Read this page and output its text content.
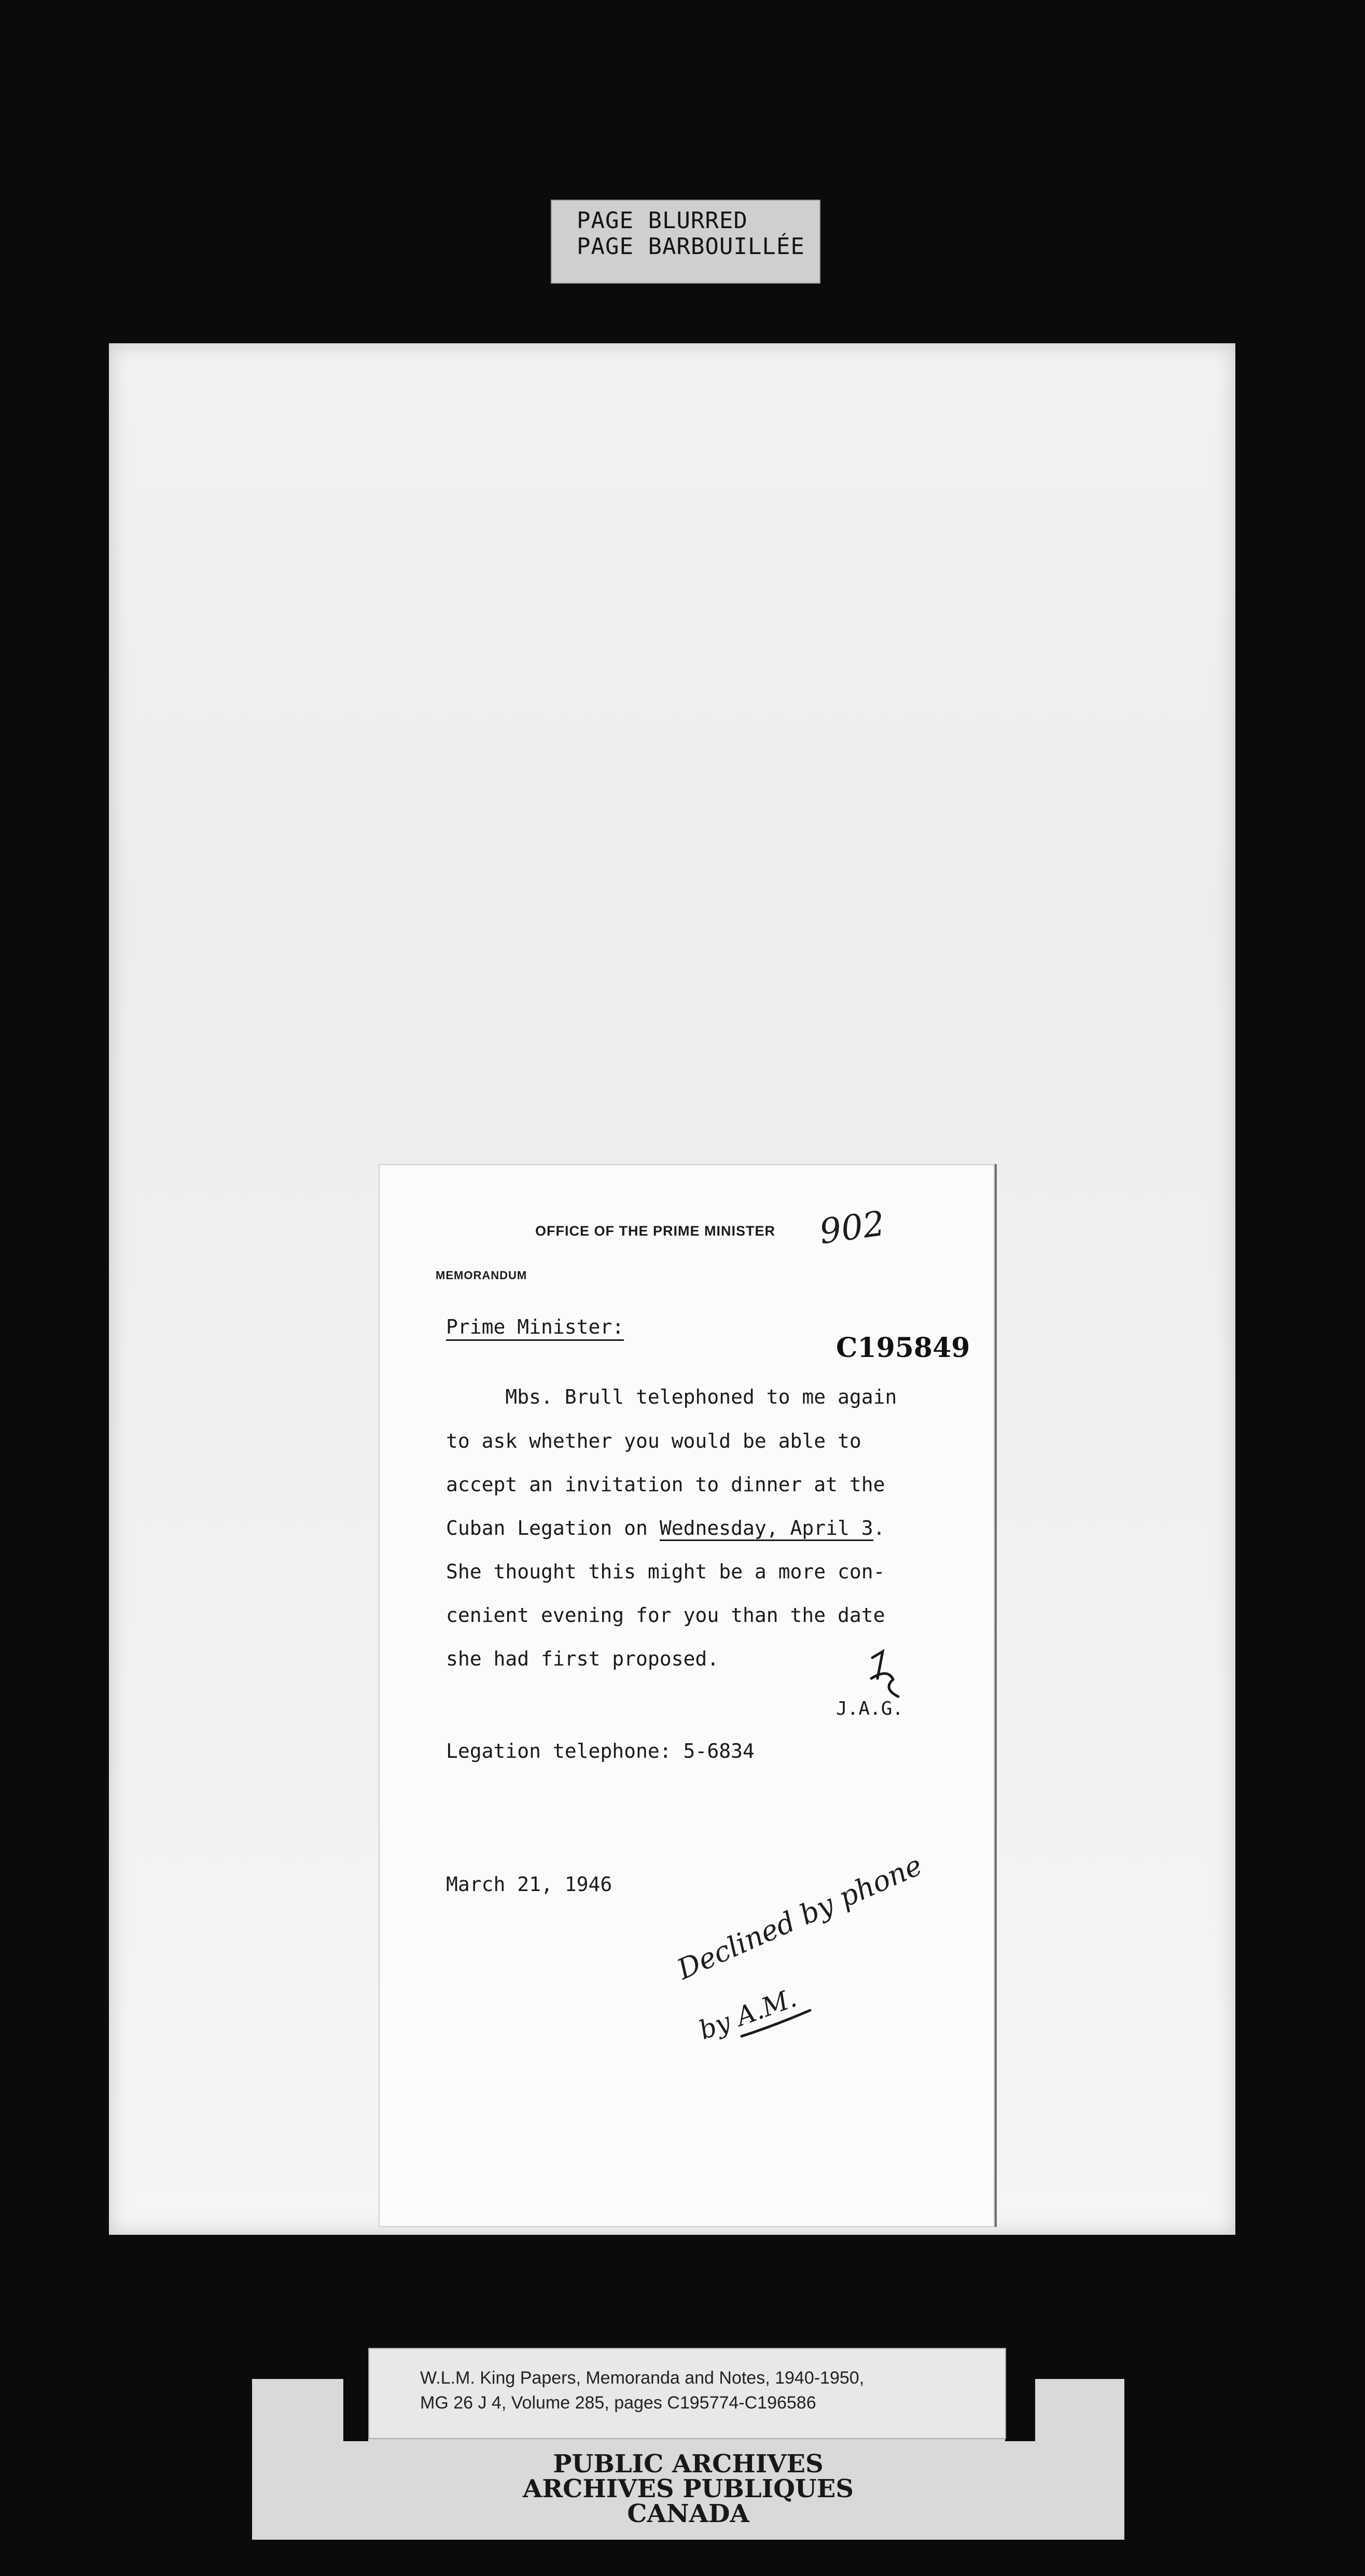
PAGE BLURRED
PAGE BARBOUILLÉE
OFFICE OF THE PRIME MINISTER 902
MEMORANDUM
Prime Minister:
C195849
Mbs. Brull telephoned to me again
to ask whether you would be able to
accept an invitation to dinner at the
Cuban Legation on Wednesday, April 3.
She thought this might be a more con-
cenient evening for you than the date
she had first proposed.
J.A.G.
Legation telephone: 5-6834
March 21, 1946 Declined by phone
by A.M.
W.L.M. King Papers, Memoranda and Notes, 1940-1950,
MG 26 J 4, Volume 285, pages C195774-C196586
PUBLIC ARCHIVES
ARCHIVES PUBLIQUES
CANADA
